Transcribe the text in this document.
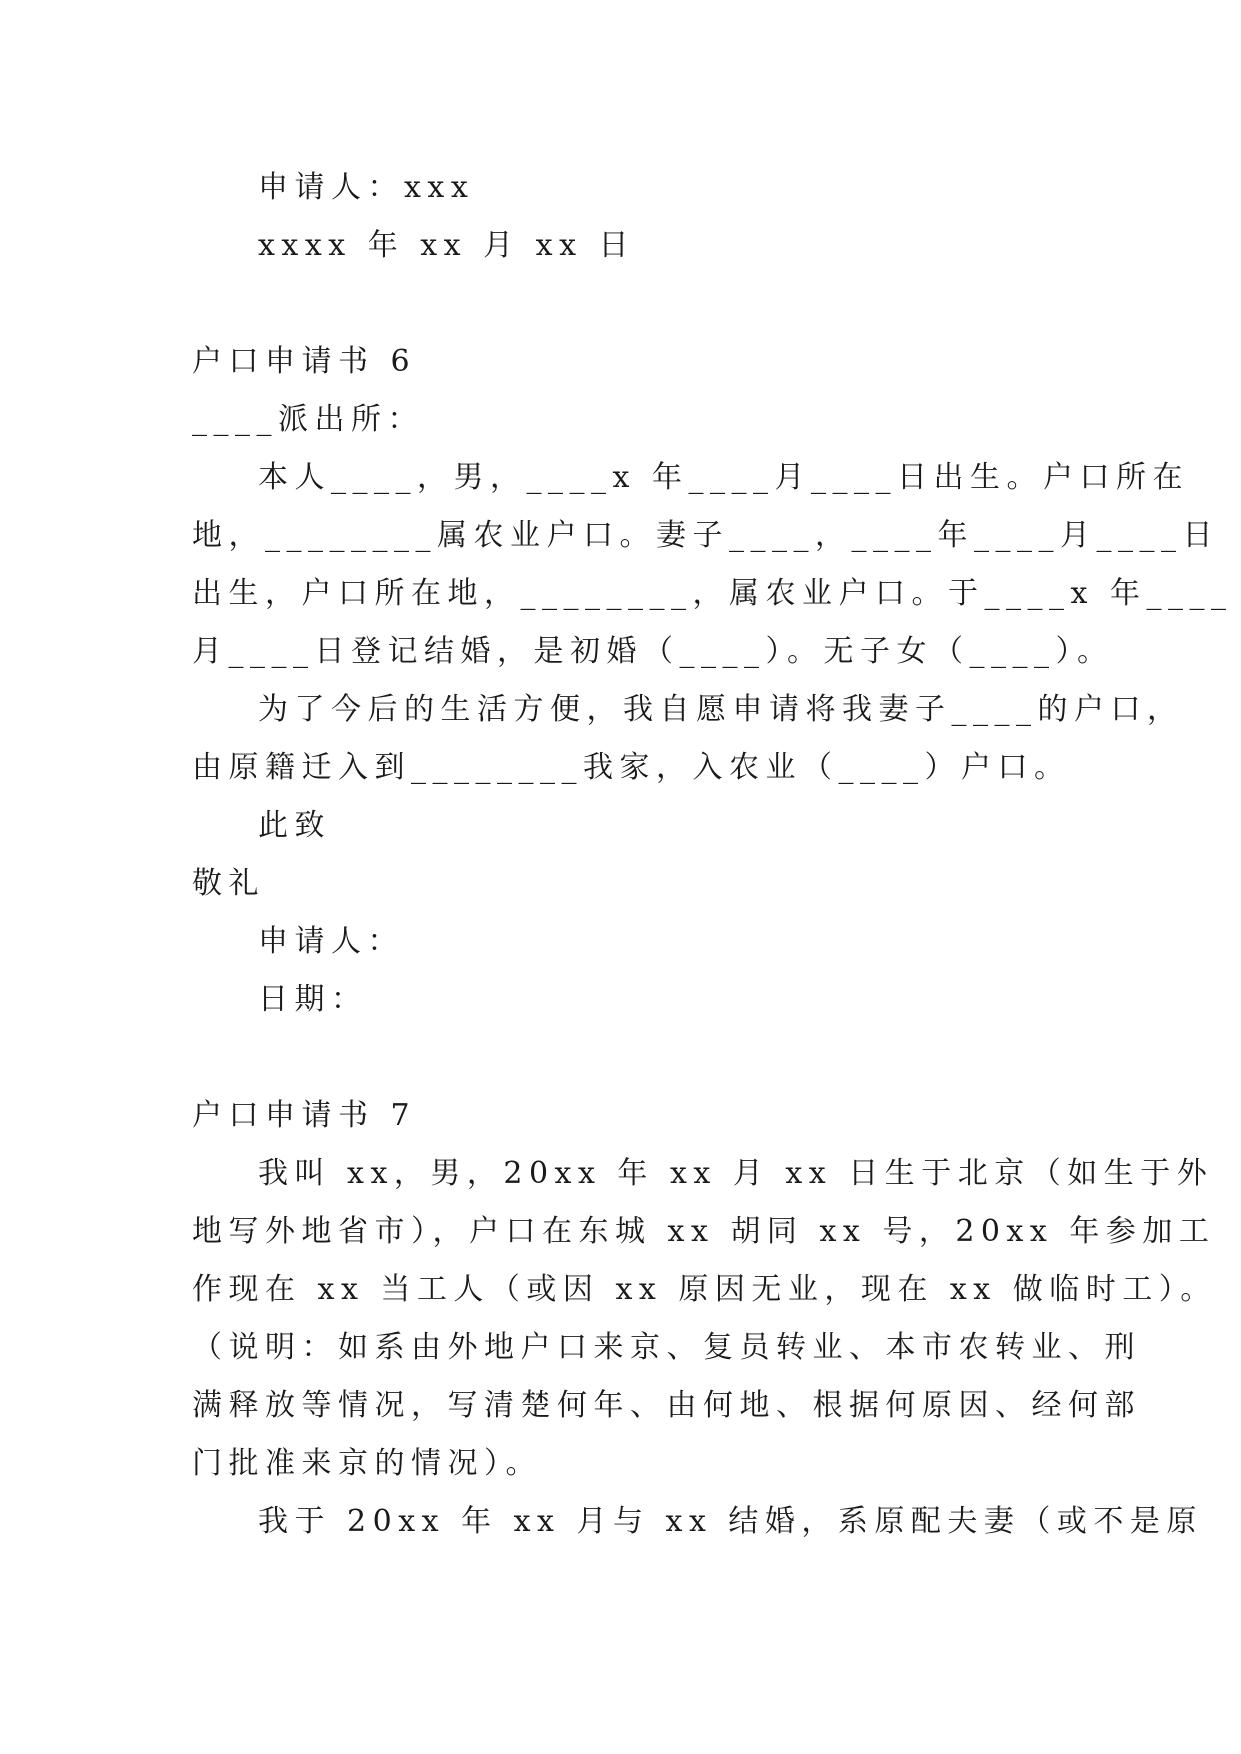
申请人：xxx

xxxx 年 xx 月 xx 日

户口申请书 6

____派出所：

本人____，男，____x 年____月____日出生。户口所在

地，________属农业户口。妻子____，____年____月____日

出生，户口所在地，________，属农业户口。于____x 年____

月____日登记结婚，是初婚（____）。无子女（____）。

为了今后的生活方便，我自愿申请将我妻子____的户口，

由原籍迁入到________我家，入农业（____）户口。

此致

敬礼

申请人：

日期：

户口申请书 7

我叫 xx，男，20xx 年 xx 月 xx 日生于北京（如生于外

地写外地省市），户口在东城 xx 胡同 xx 号，20xx 年参加工

作现在 xx 当工人（或因 xx 原因无业，现在 xx 做临时工）。

（说明：如系由外地户口来京、复员转业、本市农转业、刑

满释放等情况，写清楚何年、由何地、根据何原因、经何部

门批准来京的情况）。

我于 20xx 年 xx 月与 xx 结婚，系原配夫妻（或不是原
